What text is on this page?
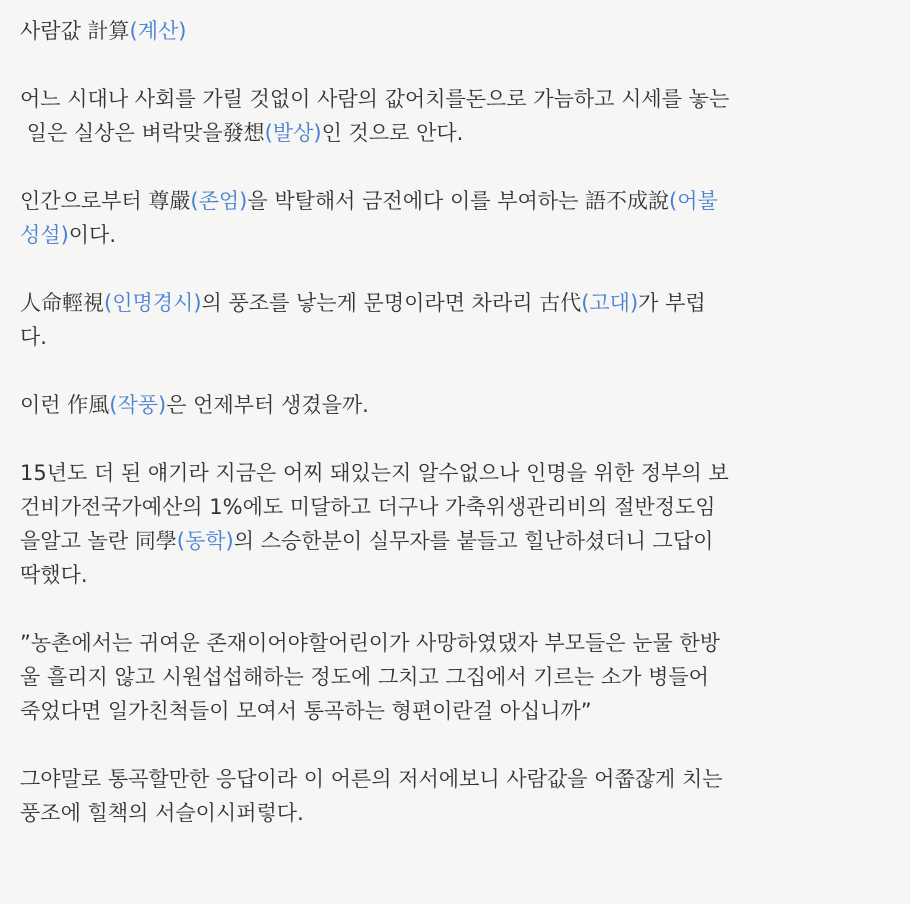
사람값 計算(계산)
어느 시대나 사회를 가릴 것없이 사람의 값어치를돈으로 가늠하고 시세를 놓는
일은 실상은 벼락맞을發想(발상)인 것으로 안다.
인간으로부터 尊嚴(존엄)을 박탈해서 금전에다 이를 부여하는 語不成說(어불
성설)이다.
人命輕視(인명경시)의 풍조를 낳는게 문명이라면 차라리 古代(고대)가 부럽
다.
이런 作風(작풍)은 언제부터 생겼을까.
15년도 더 된 얘기라 지금은 어찌 돼있는지 알수없으나 인명을 위한 정부의 보
건비가전국가예산의 1%에도 미달하고 더구나 가축위생관리비의 절반정도임
을알고 놀란 同學(동학)의 스승한분이 실무자를 붙들고 힐난하셨더니 그답이
딱했다.
”농촌에서는 귀여운 존재이어야할어린이가 사망하였댔자 부모들은 눈물 한방
울 흘리지 않고 시원섭섭해하는 정도에 그치고 그집에서 기르는 소가 병들어
죽었다면 일가친척들이 모여서 통곡하는 형편이란걸 아십니까”
그야말로 통곡할만한 응답이라 이 어른의 저서에보니 사람값을 어쭙잖게 치는
풍조에 힐책의 서슬이시퍼렇다.
